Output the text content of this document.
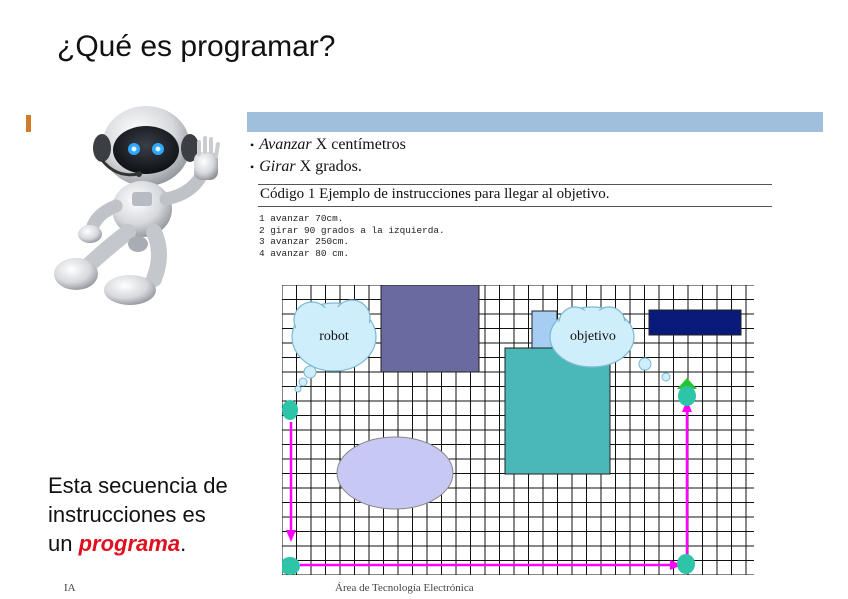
¿Qué es programar?
• Avanzar X centímetros
• Girar X grados.
Código 1 Ejemplo de instrucciones para llegar al objetivo.
1 avanzar 70cm.
2 girar 90 grados a la izquierda.
3 avanzar 250cm.
4 avanzar 80 cm.
robot	objetivo
Esta secuencia de
instrucciones es
un programa.
IA	Área de Tecnología Electrónica
